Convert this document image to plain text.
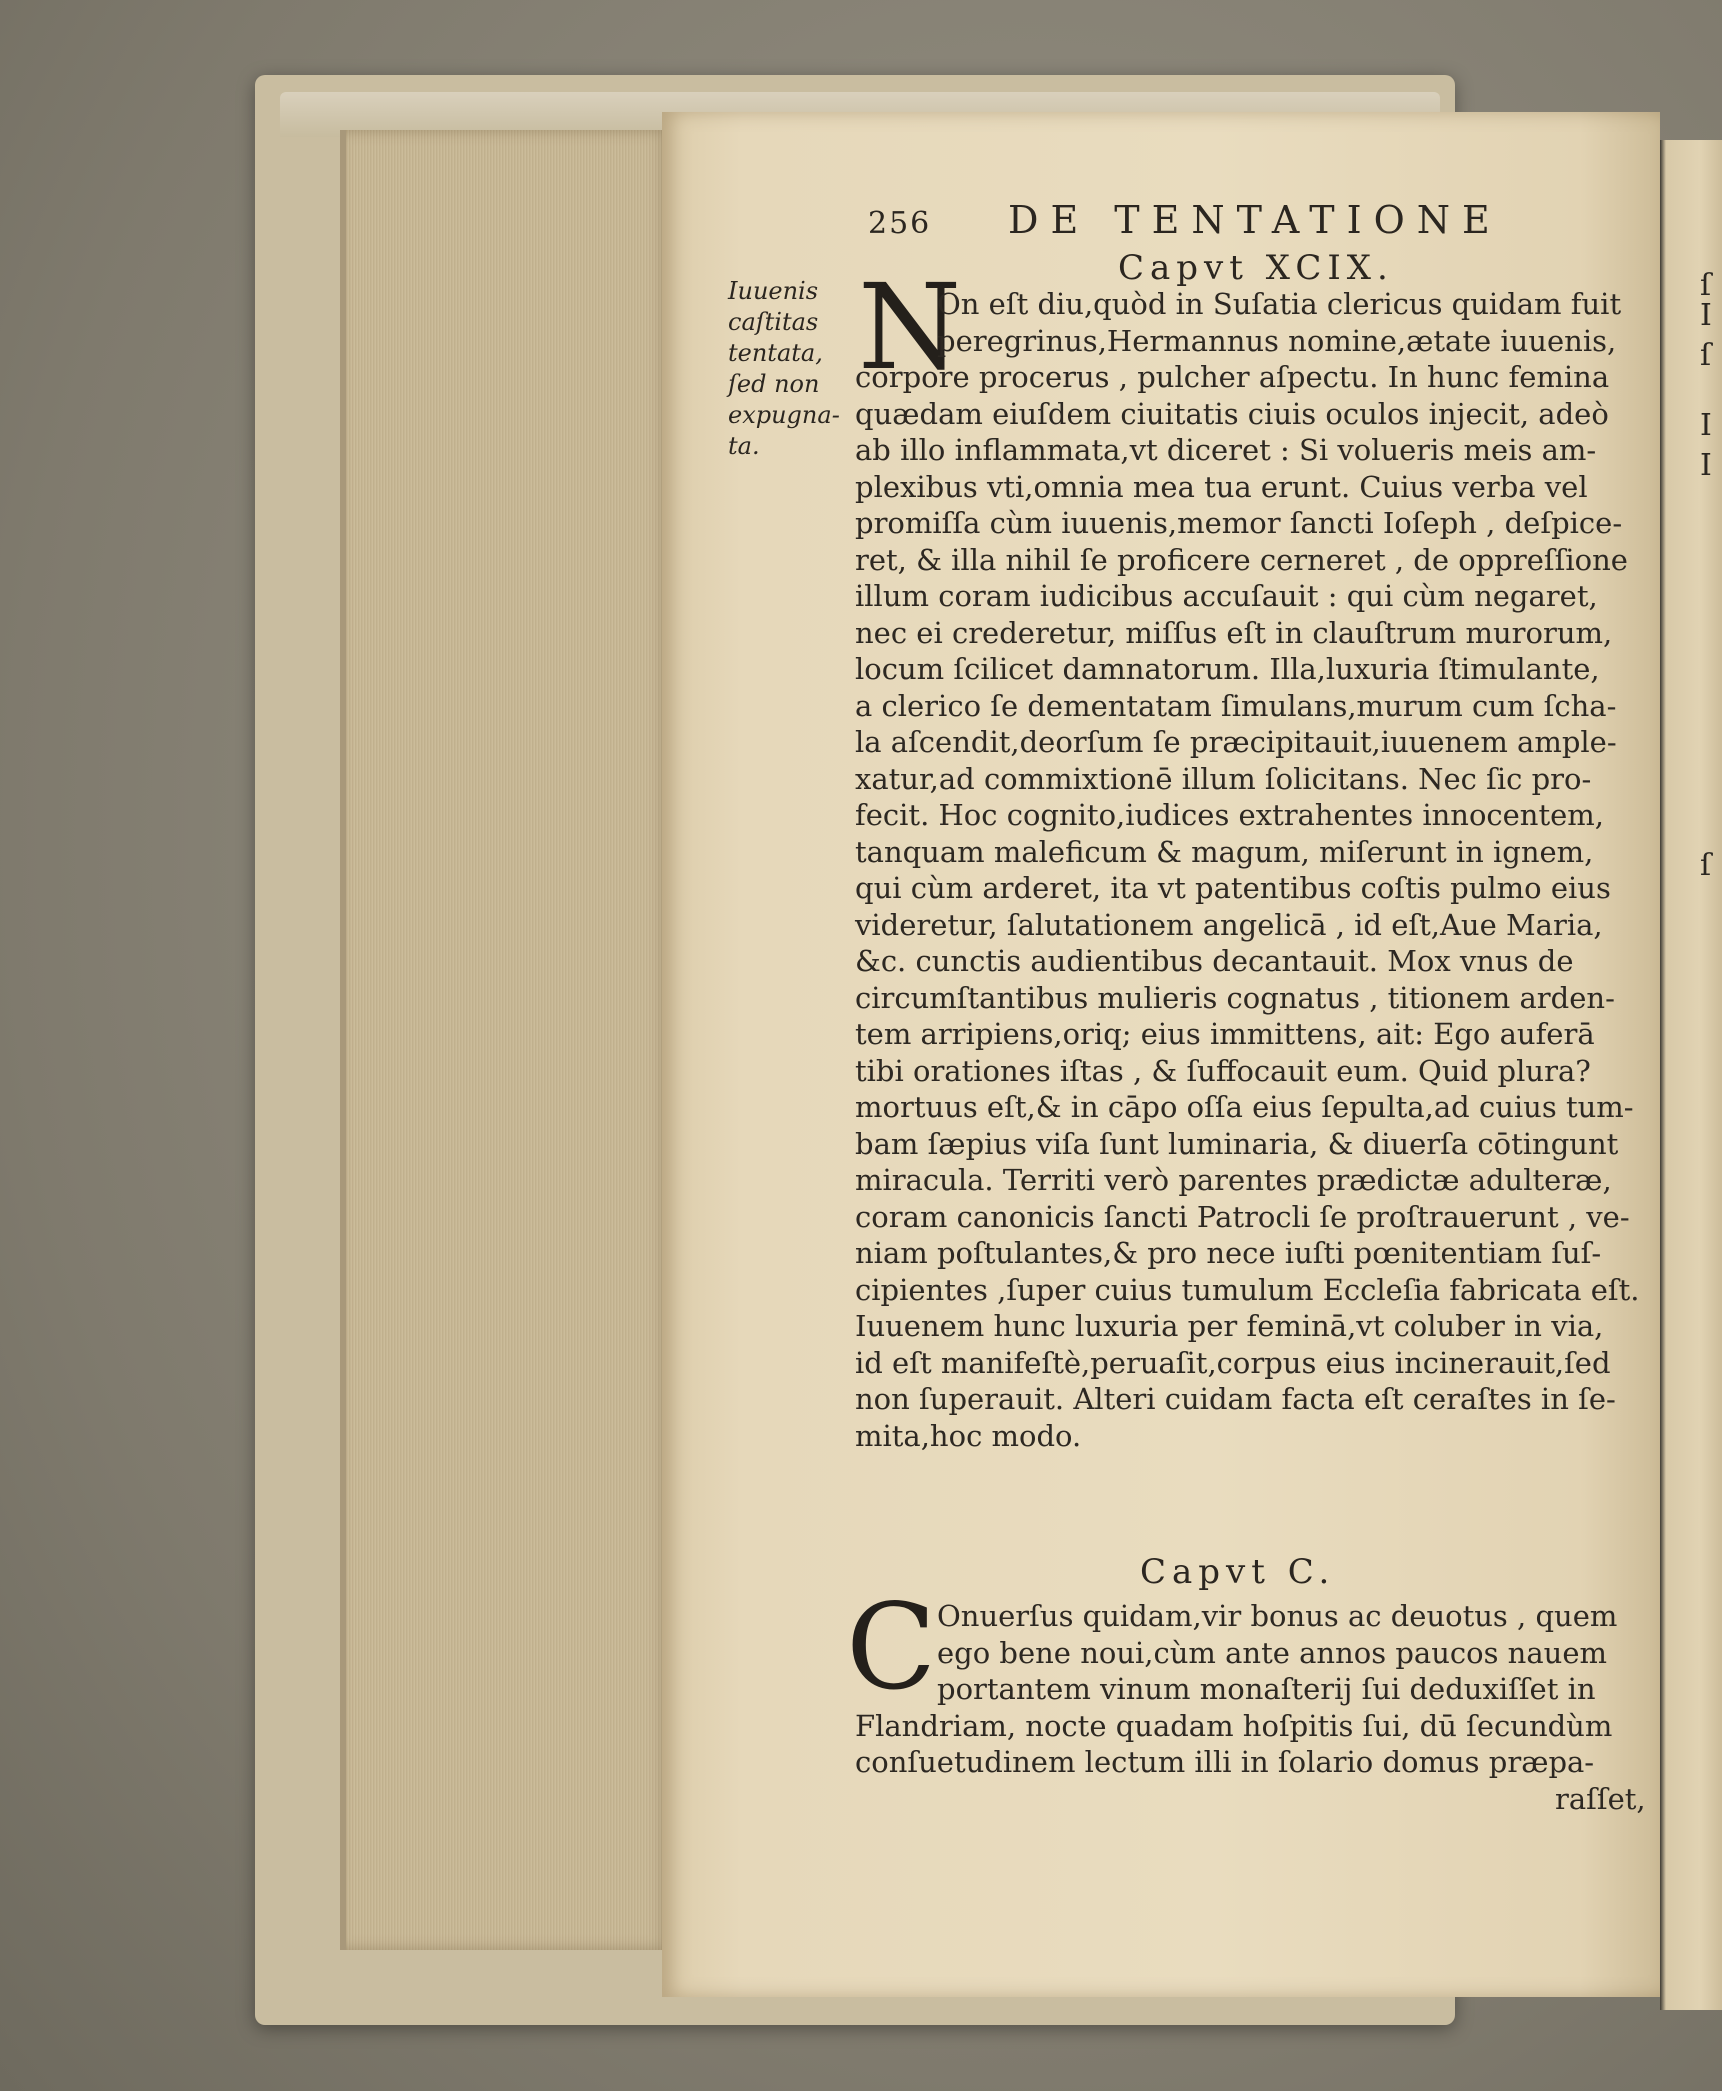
ſ
I
ſ
I
I
ſ
256 DE TENTATIONE
Capvt XCIX.
N
Iuuenis
caſtitas
tentata,
ſed non
expugna-
ta.
On eſt diu,quòd in Suſatia clericus quidam fuit
peregrinus,Hermannus nomine,ætate iuuenis,
corpore procerus , pulcher aſpectu. In hunc femina
quædam eiuſdem ciuitatis ciuis oculos injecit, adeò
ab illo inflammata,vt diceret : Si volueris meis am-
plexibus vti,omnia mea tua erunt. Cuius verba vel
promiſſa cùm iuuenis,memor ſancti Ioſeph , deſpice-
ret, & illa nihil ſe proficere cerneret , de oppreſſione
illum coram iudicibus accuſauit : qui cùm negaret,
nec ei crederetur, miſſus eſt in clauſtrum murorum,
locum ſcilicet damnatorum. Illa,luxuria ſtimulante,
a clerico ſe dementatam ſimulans,murum cum ſcha-
la aſcendit,deorſum ſe præcipitauit,iuuenem ample-
xatur,ad commixtionē illum ſolicitans. Nec ſic pro-
fecit. Hoc cognito,iudices extrahentes innocentem,
tanquam maleficum & magum, miſerunt in ignem,
qui cùm arderet, ita vt patentibus coſtis pulmo eius
videretur, ſalutationem angelicā , id eſt,Aue Maria,
&c. cunctis audientibus decantauit. Mox vnus de
circumſtantibus mulieris cognatus , titionem arden-
tem arripiens,oriq; eius immittens, ait: Ego auferā
tibi orationes iſtas , & ſuffocauit eum. Quid plura?
mortuus eſt,& in cāpo oſſa eius ſepulta,ad cuius tum-
bam ſæpius viſa ſunt luminaria, & diuerſa cōtingunt
miracula. Territi verò parentes prædictæ adulteræ,
coram canonicis ſancti Patrocli ſe proſtrauerunt , ve-
niam poſtulantes,& pro nece iuſti pœnitentiam ſuſ-
cipientes ,ſuper cuius tumulum Eccleſia fabricata eſt.
Iuuenem hunc luxuria per feminā,vt coluber in via,
id eſt manifeſtè,peruaſit,corpus eius incinerauit,ſed
non ſuperauit. Alteri cuidam facta eſt ceraſtes in ſe-
mita,hoc modo.
Capvt C.
C Onuerſus quidam,vir bonus ac deuotus , quem
ego bene noui,cùm ante annos paucos nauem
portantem vinum monaſterij ſui deduxiſſet in
Flandriam, nocte quadam hoſpitis ſui, dū ſecundùm
conſuetudinem lectum illi in ſolario domus præpa-
raſſet,
